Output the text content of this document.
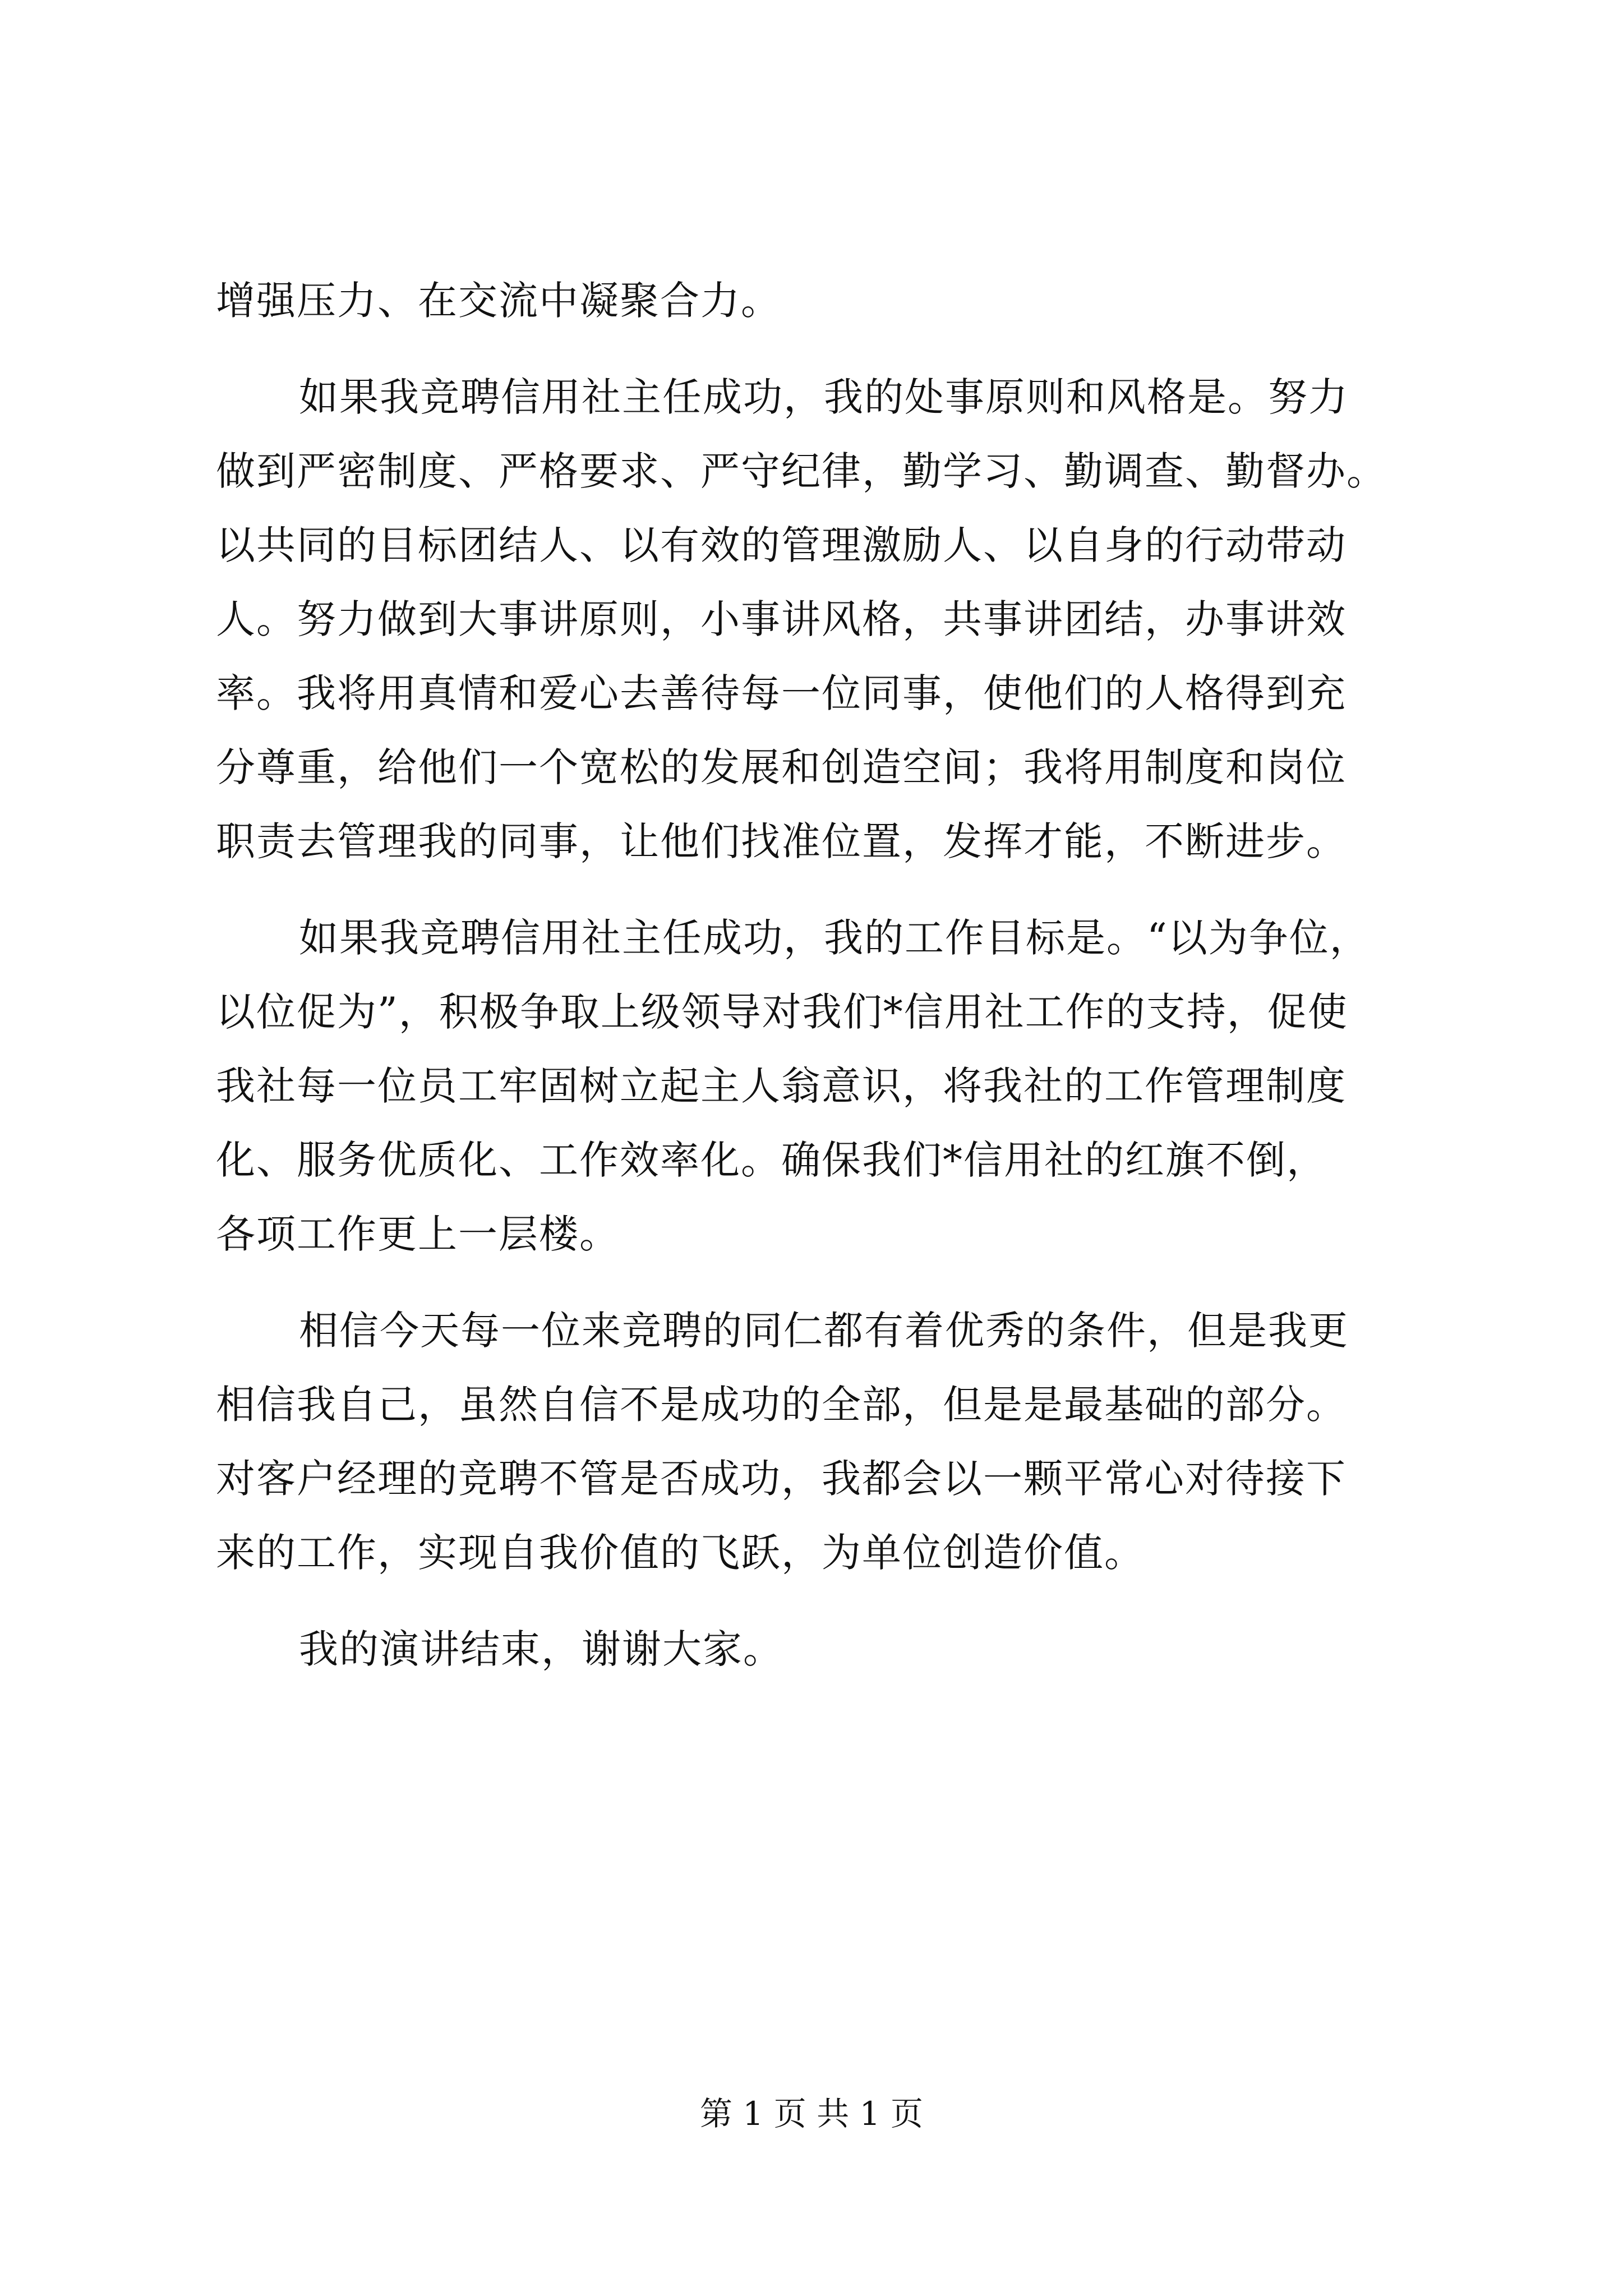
增强压力、在交流中凝聚合力。
如果我竞聘信用社主任成功，我的处事原则和风格是。努力
做到严密制度、严格要求、严守纪律，勤学习、勤调查、勤督办。
以共同的目标团结人、以有效的管理激励人、以自身的行动带动
人。努力做到大事讲原则，小事讲风格，共事讲团结，办事讲效
率。我将用真情和爱心去善待每一位同事，使他们的人格得到充
分尊重，给他们一个宽松的发展和创造空间；我将用制度和岗位
职责去管理我的同事，让他们找准位置，发挥才能，不断进步。
如果我竞聘信用社主任成功，我的工作目标是。“以为争位，
以位促为”，积极争取上级领导对我们*信用社工作的支持，促使
我社每一位员工牢固树立起主人翁意识，将我社的工作管理制度
化、服务优质化、工作效率化。确保我们*信用社的红旗不倒，
各项工作更上一层楼。
相信今天每一位来竞聘的同仁都有着优秀的条件，但是我更
相信我自己，虽然自信不是成功的全部，但是是最基础的部分。
对客户经理的竞聘不管是否成功，我都会以一颗平常心对待接下
来的工作，实现自我价值的飞跃，为单位创造价值。
我的演讲结束，谢谢大家。
第 1 页 共 1 页
